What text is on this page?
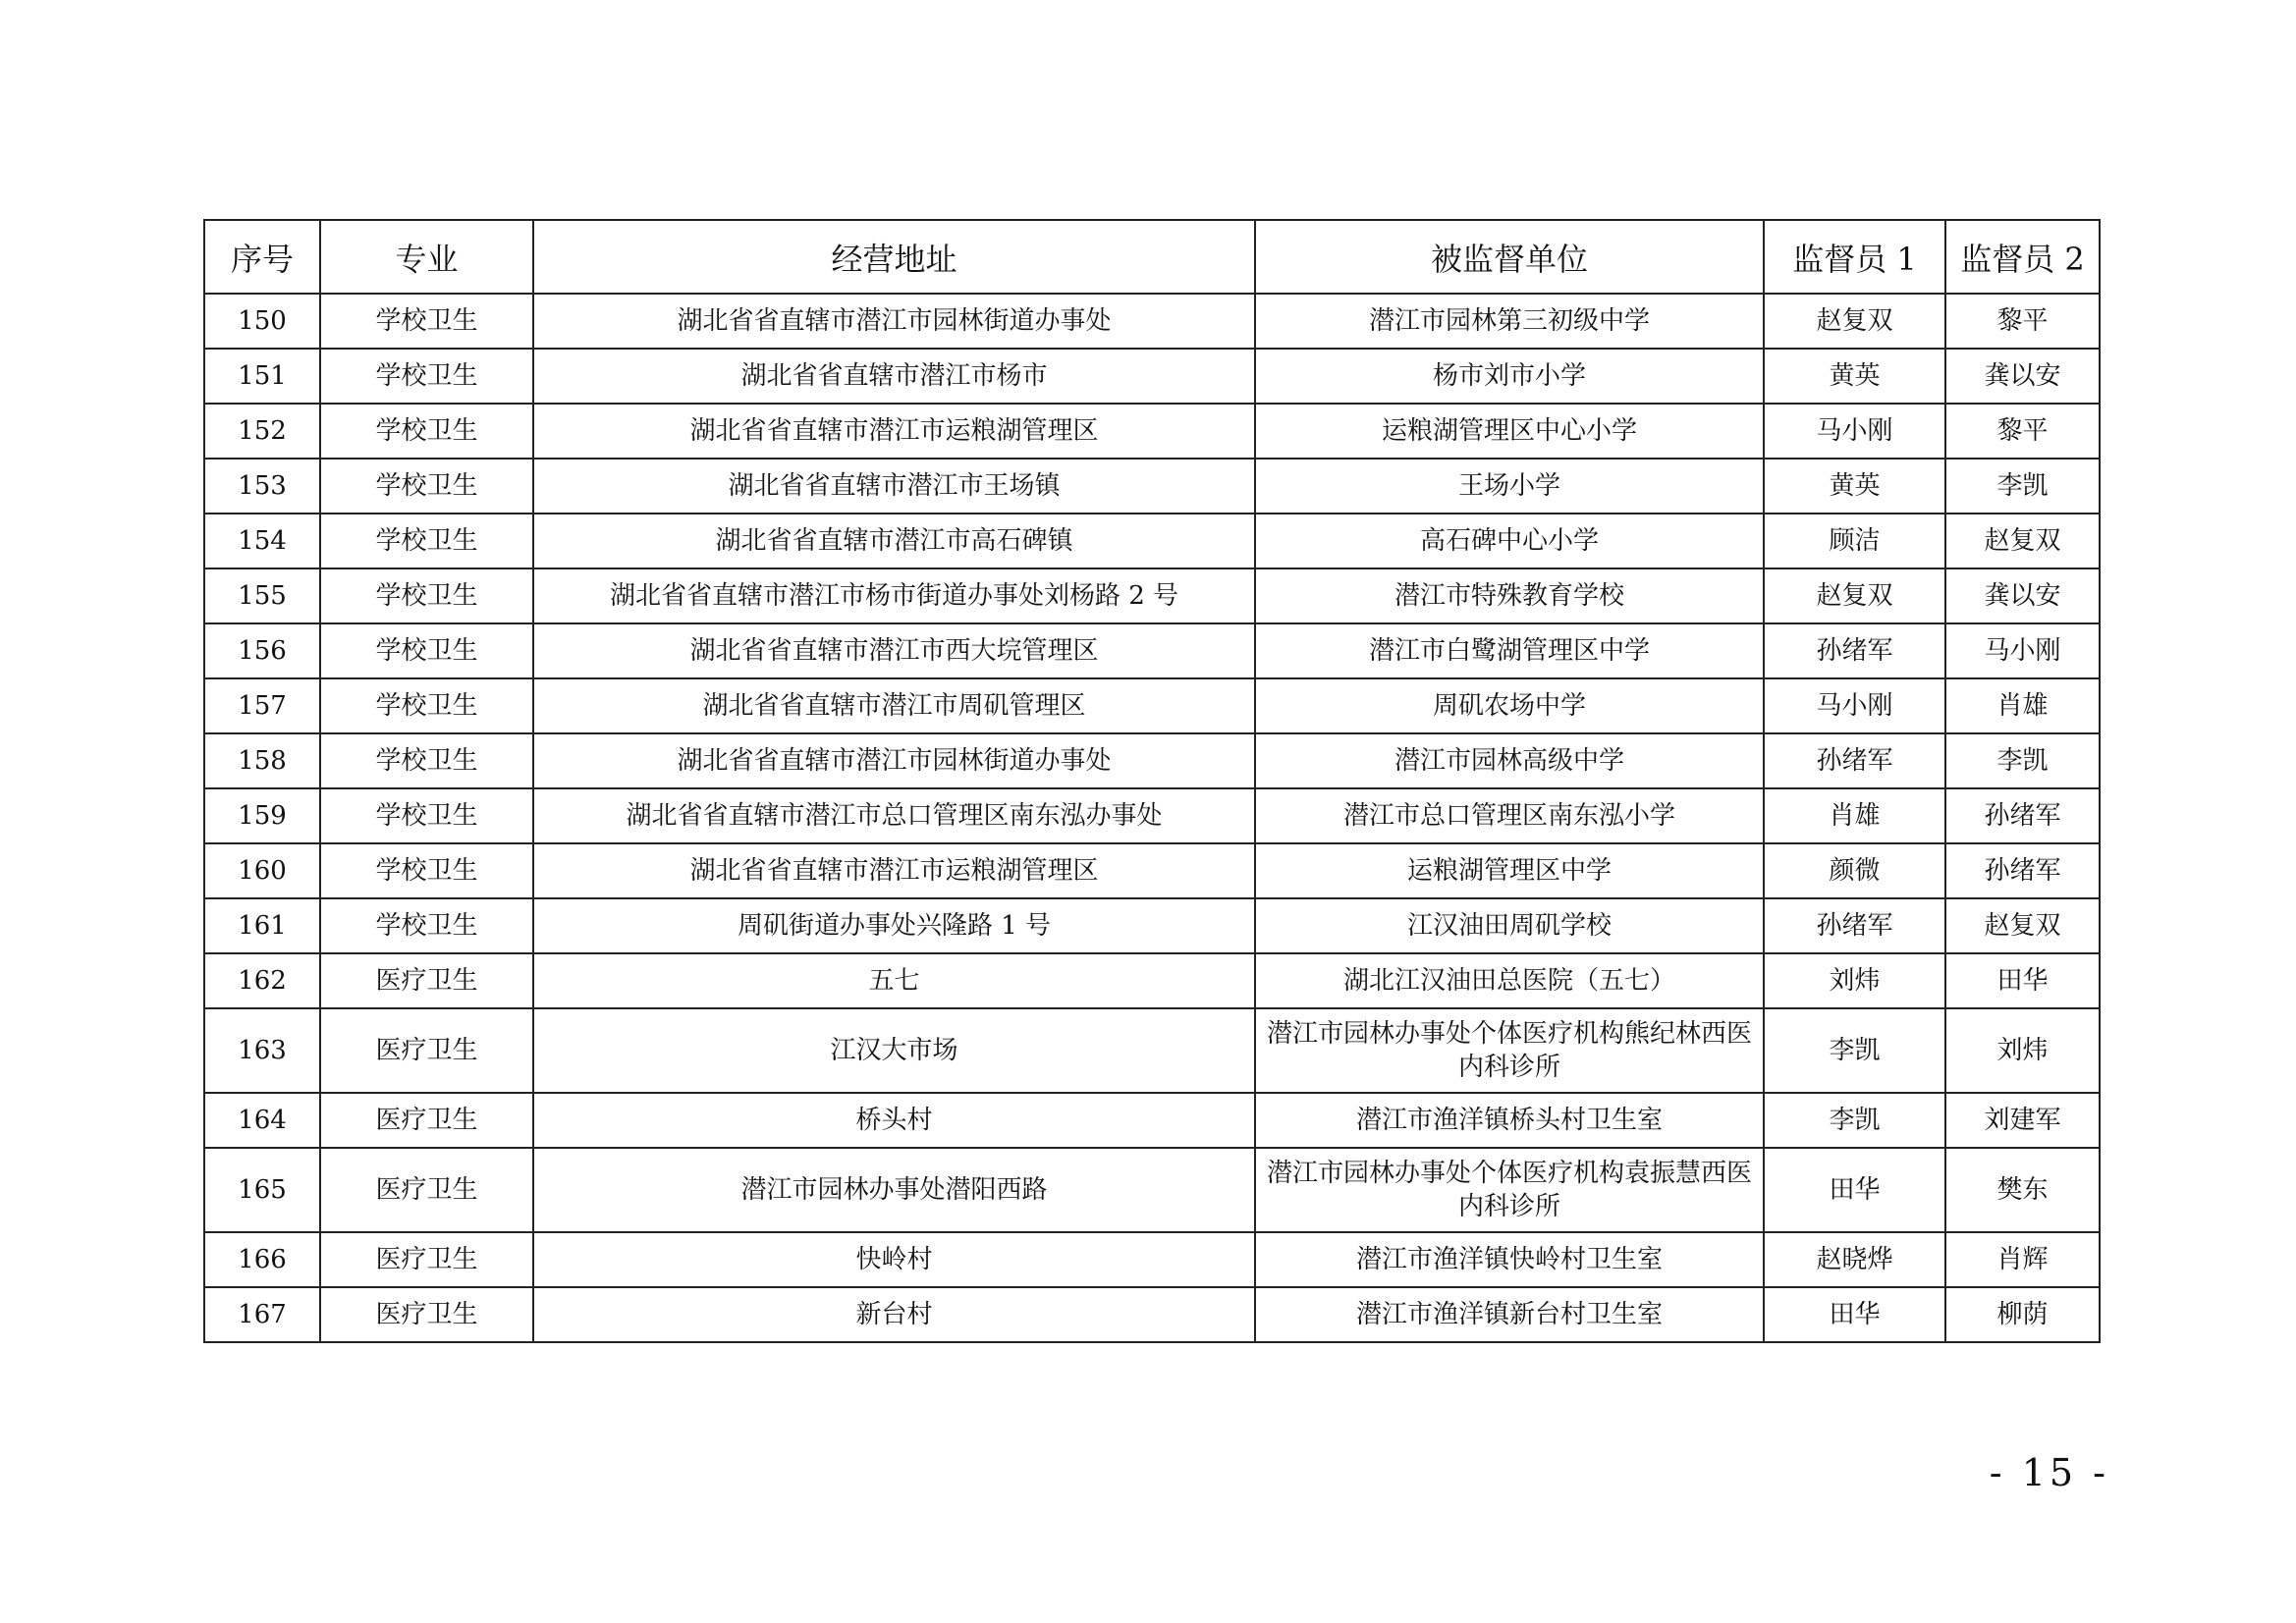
序号	专业	经营地址	被监督单位	监督员 1	监督员 2
150	学校卫生	湖北省省直辖市潜江市园林街道办事处	潜江市园林第三初级中学	赵复双	黎平
151	学校卫生	湖北省省直辖市潜江市杨市	杨市刘市小学	黄英	龚以安
152	学校卫生	湖北省省直辖市潜江市运粮湖管理区	运粮湖管理区中心小学	马小刚	黎平
153	学校卫生	湖北省省直辖市潜江市王场镇	王场小学	黄英	李凯
154	学校卫生	湖北省省直辖市潜江市高石碑镇	高石碑中心小学	顾洁	赵复双
155	学校卫生	湖北省省直辖市潜江市杨市街道办事处刘杨路 2 号	潜江市特殊教育学校	赵复双	龚以安
156	学校卫生	湖北省省直辖市潜江市西大垸管理区	潜江市白鹭湖管理区中学	孙绪军	马小刚
157	学校卫生	湖北省省直辖市潜江市周矶管理区	周矶农场中学	马小刚	肖雄
158	学校卫生	湖北省省直辖市潜江市园林街道办事处	潜江市园林高级中学	孙绪军	李凯
159	学校卫生	湖北省省直辖市潜江市总口管理区南东泓办事处	潜江市总口管理区南东泓小学	肖雄	孙绪军
160	学校卫生	湖北省省直辖市潜江市运粮湖管理区	运粮湖管理区中学	颜微	孙绪军
161	学校卫生	周矶街道办事处兴隆路 1 号	江汉油田周矶学校	孙绪军	赵复双
162	医疗卫生	五七	湖北江汉油田总医院（五七）	刘炜	田华
163	医疗卫生	江汉大市场	潜江市园林办事处个体医疗机构熊纪林西医内科诊所	李凯	刘炜
164	医疗卫生	桥头村	潜江市渔洋镇桥头村卫生室	李凯	刘建军
165	医疗卫生	潜江市园林办事处潜阳西路	潜江市园林办事处个体医疗机构袁振慧西医内科诊所	田华	樊东
166	医疗卫生	快岭村	潜江市渔洋镇快岭村卫生室	赵晓烨	肖辉
167	医疗卫生	新台村	潜江市渔洋镇新台村卫生室	田华	柳荫
- 15 -
